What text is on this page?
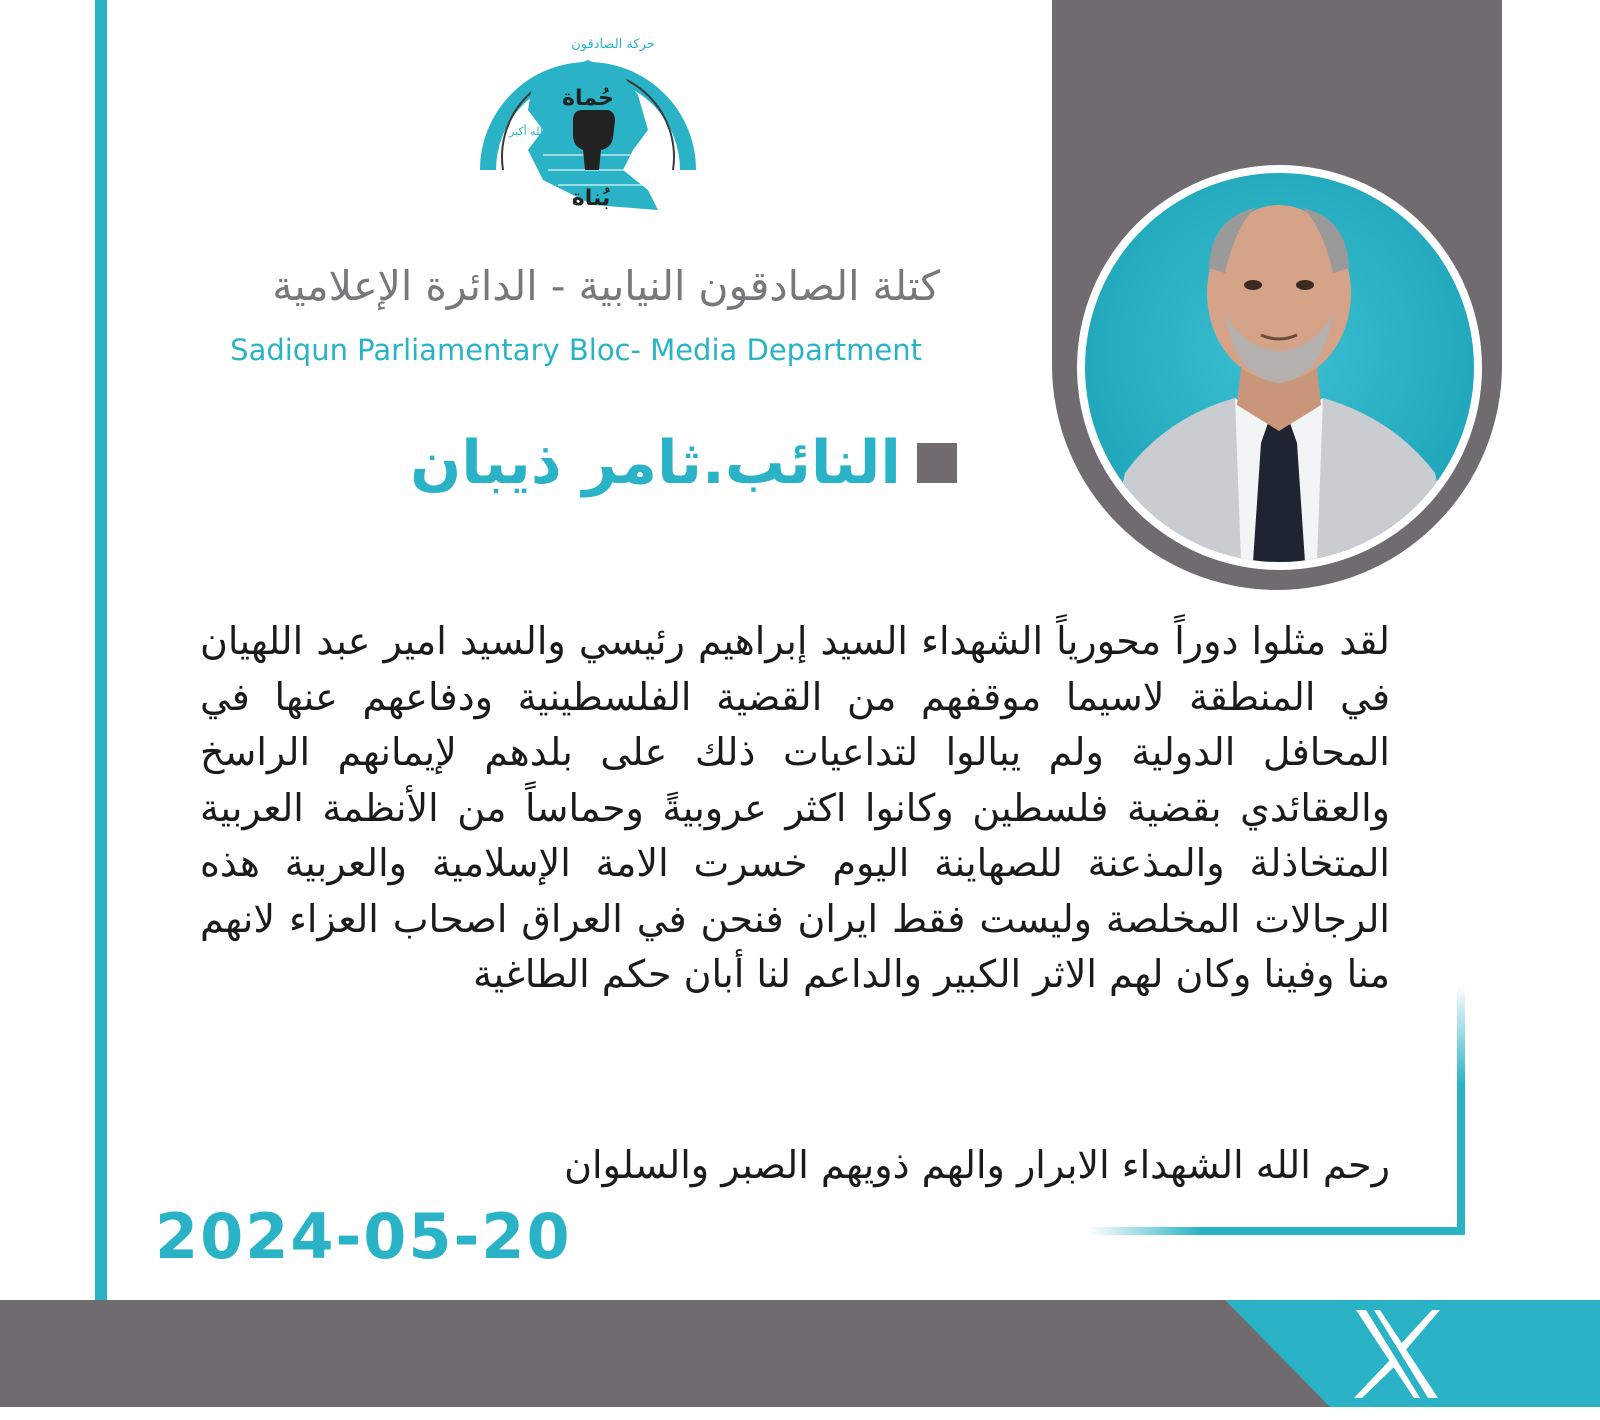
حركة الصادقون
حُماة
بُناة
الله أكبر
كتلة الصادقون النيابية - الدائرة الإعلامية
Sadiqun Parliamentary Bloc- Media Department
النائب.ثامر ذيبان

لقد مثلوا دوراً محورياً الشهداء السيد إبراهيم رئيسي والسيد امير عبد اللهيان في المنطقة لاسيما موقفهم من القضية الفلسطينية ودفاعهم عنها في المحافل الدولية ولم يبالوا لتداعيات ذلك على بلدهم لإيمانهم الراسخ والعقائدي بقضية فلسطين وكانوا اكثر عروبيةً وحماساً من الأنظمة العربية المتخاذلة والمذعنة للصهاينة اليوم خسرت الامة الإسلامية والعربية هذه الرجالات المخلصة وليست فقط ايران فنحن في العراق اصحاب العزاء لانهم منا وفينا وكان لهم الاثر الكبير والداعم لنا أبان حكم الطاغية

رحم الله الشهداء الابرار والهم ذويهم الصبر والسلوان
2024-05-20
